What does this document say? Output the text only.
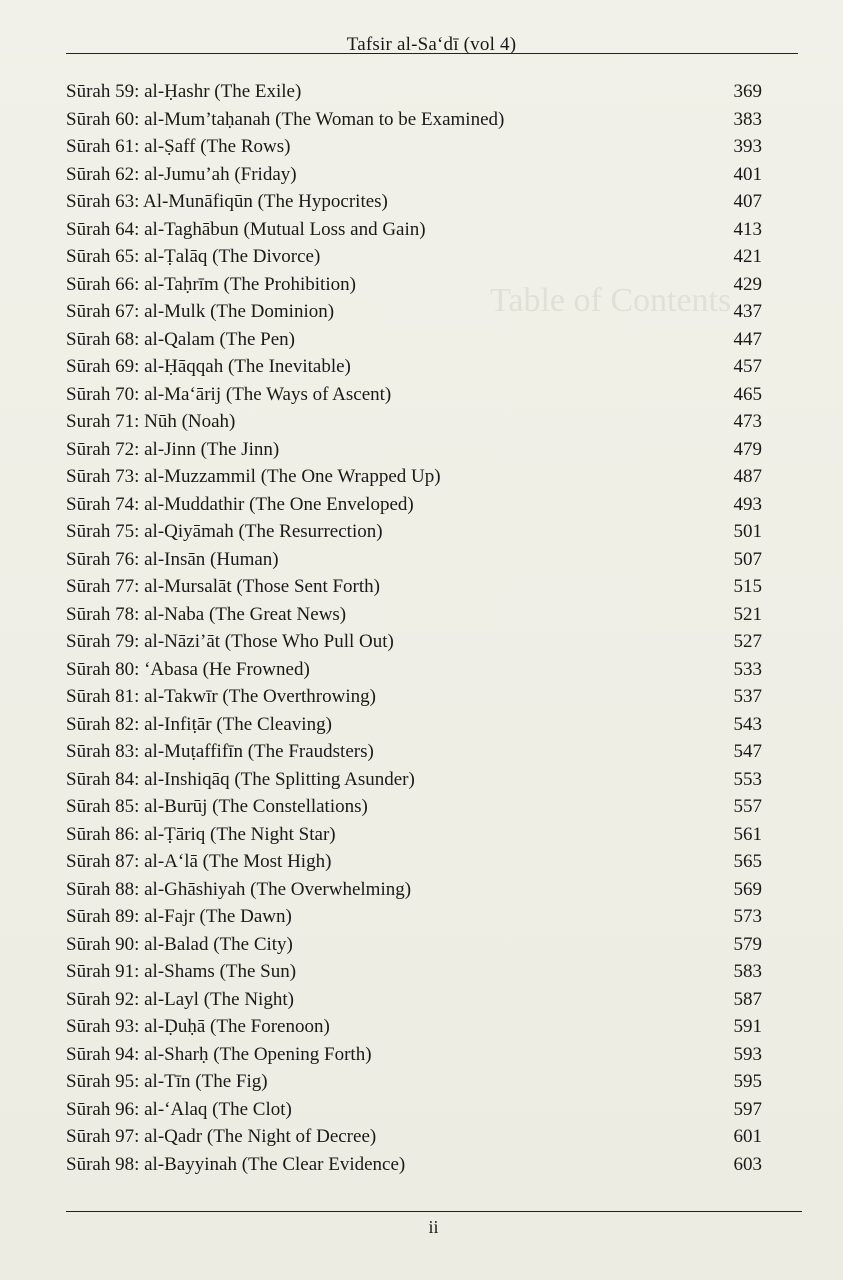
Table of Contents
Tafsir al-Sa‘dī (vol 4)
Sūrah 59: al-Ḥashr (The Exile)	369
Sūrah 60: al-Mum’taḥanah (The Woman to be Examined)	383
Sūrah 61: al-Ṣaff (The Rows)	393
Sūrah 62: al-Jumu’ah (Friday)	401
Sūrah 63: Al-Munāfiqūn (The Hypocrites)	407
Sūrah 64: al-Taghābun (Mutual Loss and Gain)	413
Sūrah 65: al-Ṭalāq (The Divorce)	421
Sūrah 66: al-Taḥrīm (The Prohibition)	429
Sūrah 67: al-Mulk (The Dominion)	437
Sūrah 68: al-Qalam (The Pen)	447
Sūrah 69: al-Ḥāqqah (The Inevitable)	457
Sūrah 70: al-Ma‘ārij (The Ways of Ascent)	465
Surah 71: Nūh (Noah)	473
Sūrah 72: al-Jinn (The Jinn)	479
Sūrah 73: al-Muzzammil (The One Wrapped Up)	487
Sūrah 74: al-Muddathir (The One Enveloped)	493
Sūrah 75: al-Qiyāmah (The Resurrection)	501
Sūrah 76: al-Insān (Human)	507
Sūrah 77: al-Mursalāt (Those Sent Forth)	515
Sūrah 78: al-Naba (The Great News)	521
Sūrah 79: al-Nāzi’āt (Those Who Pull Out)	527
Sūrah 80: ‘Abasa (He Frowned)	533
Sūrah 81: al-Takwīr (The Overthrowing)	537
Sūrah 82: al-Infiṭār (The Cleaving)	543
Sūrah 83: al-Muṭaffifīn (The Fraudsters)	547
Sūrah 84: al-Inshiqāq (The Splitting Asunder)	553
Sūrah 85: al-Burūj (The Constellations)	557
Sūrah 86: al-Ṭāriq (The Night Star)	561
Sūrah 87: al-A‘lā (The Most High)	565
Sūrah 88: al-Ghāshiyah (The Overwhelming)	569
Sūrah 89: al-Fajr (The Dawn)	573
Sūrah 90: al-Balad (The City)	579
Sūrah 91: al-Shams (The Sun)	583
Sūrah 92: al-Layl (The Night)	587
Sūrah 93: al-Ḍuḥā (The Forenoon)	591
Sūrah 94: al-Sharḥ (The Opening Forth)	593
Sūrah 95: al-Tīn (The Fig)	595
Sūrah 96: al-‘Alaq (The Clot)	597
Sūrah 97: al-Qadr (The Night of Decree)	601
Sūrah 98: al-Bayyinah (The Clear Evidence)	603
ii
